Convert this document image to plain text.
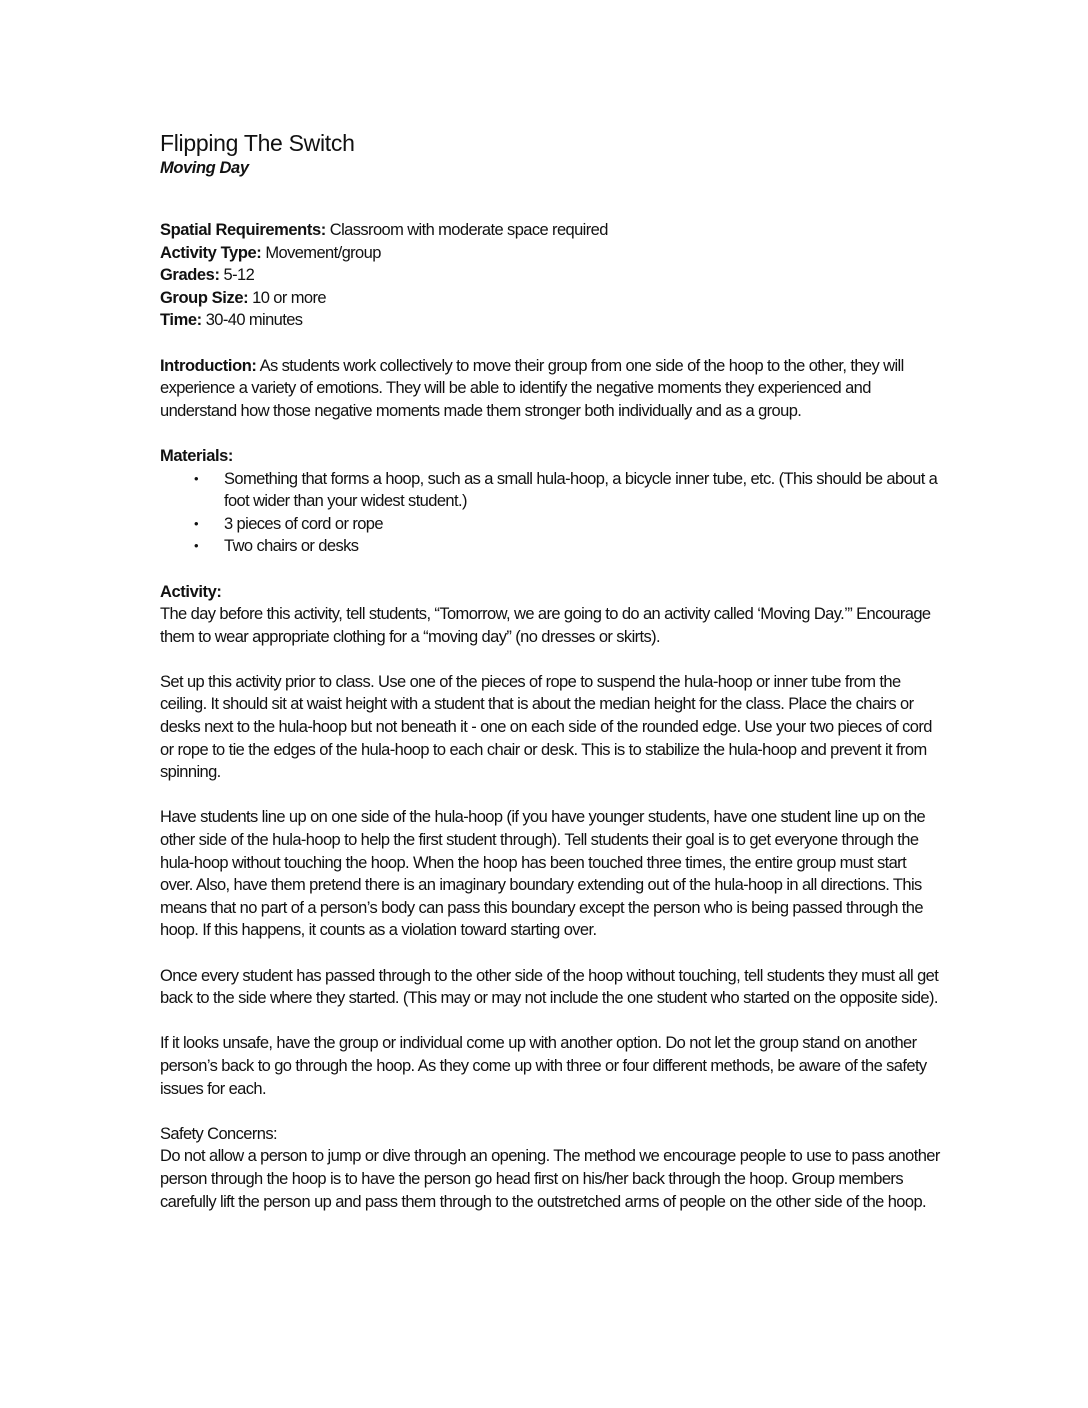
Flipping The Switch

Moving Day

Spatial Requirements: Classroom with moderate space required

Activity Type: Movement/group

Grades: 5-12

Group Size: 10 or more

Time: 30-40 minutes

Introduction: As students work collectively to move their group from one side of the hoop to the other, they will experience a variety of emotions. They will be able to identify the negative moments they experienced and understand how those negative moments made them stronger both individually and as a group.

Materials:

• Something that forms a hoop, such as a small hula-hoop, a bicycle inner tube, etc. (This should be about a foot wider than your widest student.)
• 3 pieces of cord or rope
• Two chairs or desks

Activity:

The day before this activity, tell students, “Tomorrow, we are going to do an activity called ‘Moving Day.’” Encourage them to wear appropriate clothing for a “moving day” (no dresses or skirts).

Set up this activity prior to class. Use one of the pieces of rope to suspend the hula-hoop or inner tube from the ceiling. It should sit at waist height with a student that is about the median height for the class. Place the chairs or desks next to the hula-hoop but not beneath it - one on each side of the rounded edge. Use your two pieces of cord or rope to tie the edges of the hula-hoop to each chair or desk. This is to stabilize the hula-hoop and prevent it from spinning.

Have students line up on one side of the hula-hoop (if you have younger students, have one student line up on the other side of the hula-hoop to help the first student through). Tell students their goal is to get everyone through the hula-hoop without touching the hoop. When the hoop has been touched three times, the entire group must start over. Also, have them pretend there is an imaginary boundary extending out of the hula-hoop in all directions. This means that no part of a person’s body can pass this boundary except the person who is being passed through the hoop. If this happens, it counts as a violation toward starting over.

Once every student has passed through to the other side of the hoop without touching, tell students they must all get back to the side where they started. (This may or may not include the one student who started on the opposite side).

If it looks unsafe, have the group or individual come up with another option. Do not let the group stand on another person’s back to go through the hoop. As they come up with three or four different methods, be aware of the safety issues for each.

Safety Concerns:

Do not allow a person to jump or dive through an opening. The method we encourage people to use to pass another person through the hoop is to have the person go head first on his/her back through the hoop. Group members carefully lift the person up and pass them through to the outstretched arms of people on the other side of the hoop.
